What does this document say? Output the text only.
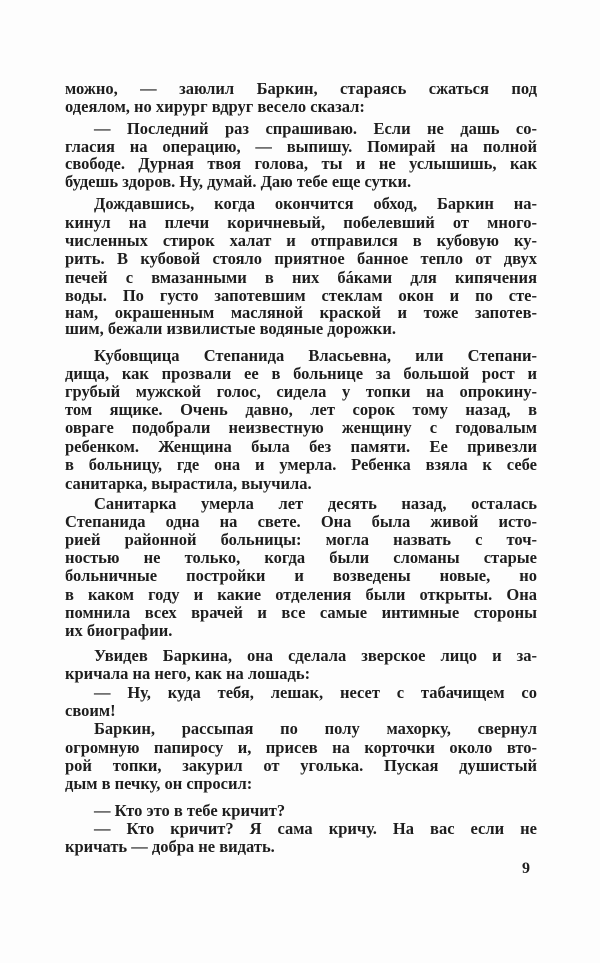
можно, — заюлил Баркин, стараясь сжаться под
одеялом, но хирург вдруг весело сказал:
— Последний раз спрашиваю. Если не дашь со-
гласия на операцию, — выпишу. Помирай на полной
свободе. Дурная твоя голова, ты и не услышишь, как
будешь здоров. Ну, думай. Даю тебе еще сутки.
Дождавшись, когда окончится обход, Баркин на-
кинул на плечи коричневый, побелевший от много-
численных стирок халат и отправился в кубовую ку-
рить. В кубовой стояло приятное банное тепло от двух
печей с вмазанными в них бáками для кипячения
воды. По густо запотевшим стеклам окон и по сте-
нам, окрашенным масляной краской и тоже запотев-
шим, бежали извилистые водяные дорожки.
Кубовщица Степанида Власьевна, или Степани-
дища, как прозвали ее в больнице за большой рост и
грубый мужской голос, сидела у топки на опрокину-
том ящике. Очень давно, лет сорок тому назад, в
овраге подобрали неизвестную женщину с годовалым
ребенком. Женщина была без памяти. Ее привезли
в больницу, где она и умерла. Ребенка взяла к себе
санитарка, вырастила, выучила.
Санитарка умерла лет десять назад, осталась
Степанида одна на свете. Она была живой исто-
рией районной больницы: могла назвать с точ-
ностью не только, когда были сломаны старые
больничные постройки и возведены новые, но
в каком году и какие отделения были открыты. Она
помнила всех врачей и все самые интимные стороны
их биографии.
Увидев Баркина, она сделала зверское лицо и за-
кричала на него, как на лошадь:
— Ну, куда тебя, лешак, несет с табачищем со
своим!
Баркин, рассыпая по полу махорку, свернул
огромную папиросу и, присев на корточки около вто-
рой топки, закурил от уголька. Пуская душистый
дым в печку, он спросил:
— Кто это в тебе кричит?
— Кто кричит? Я сама кричу. На вас если не
кричать — добра не видать.
9
